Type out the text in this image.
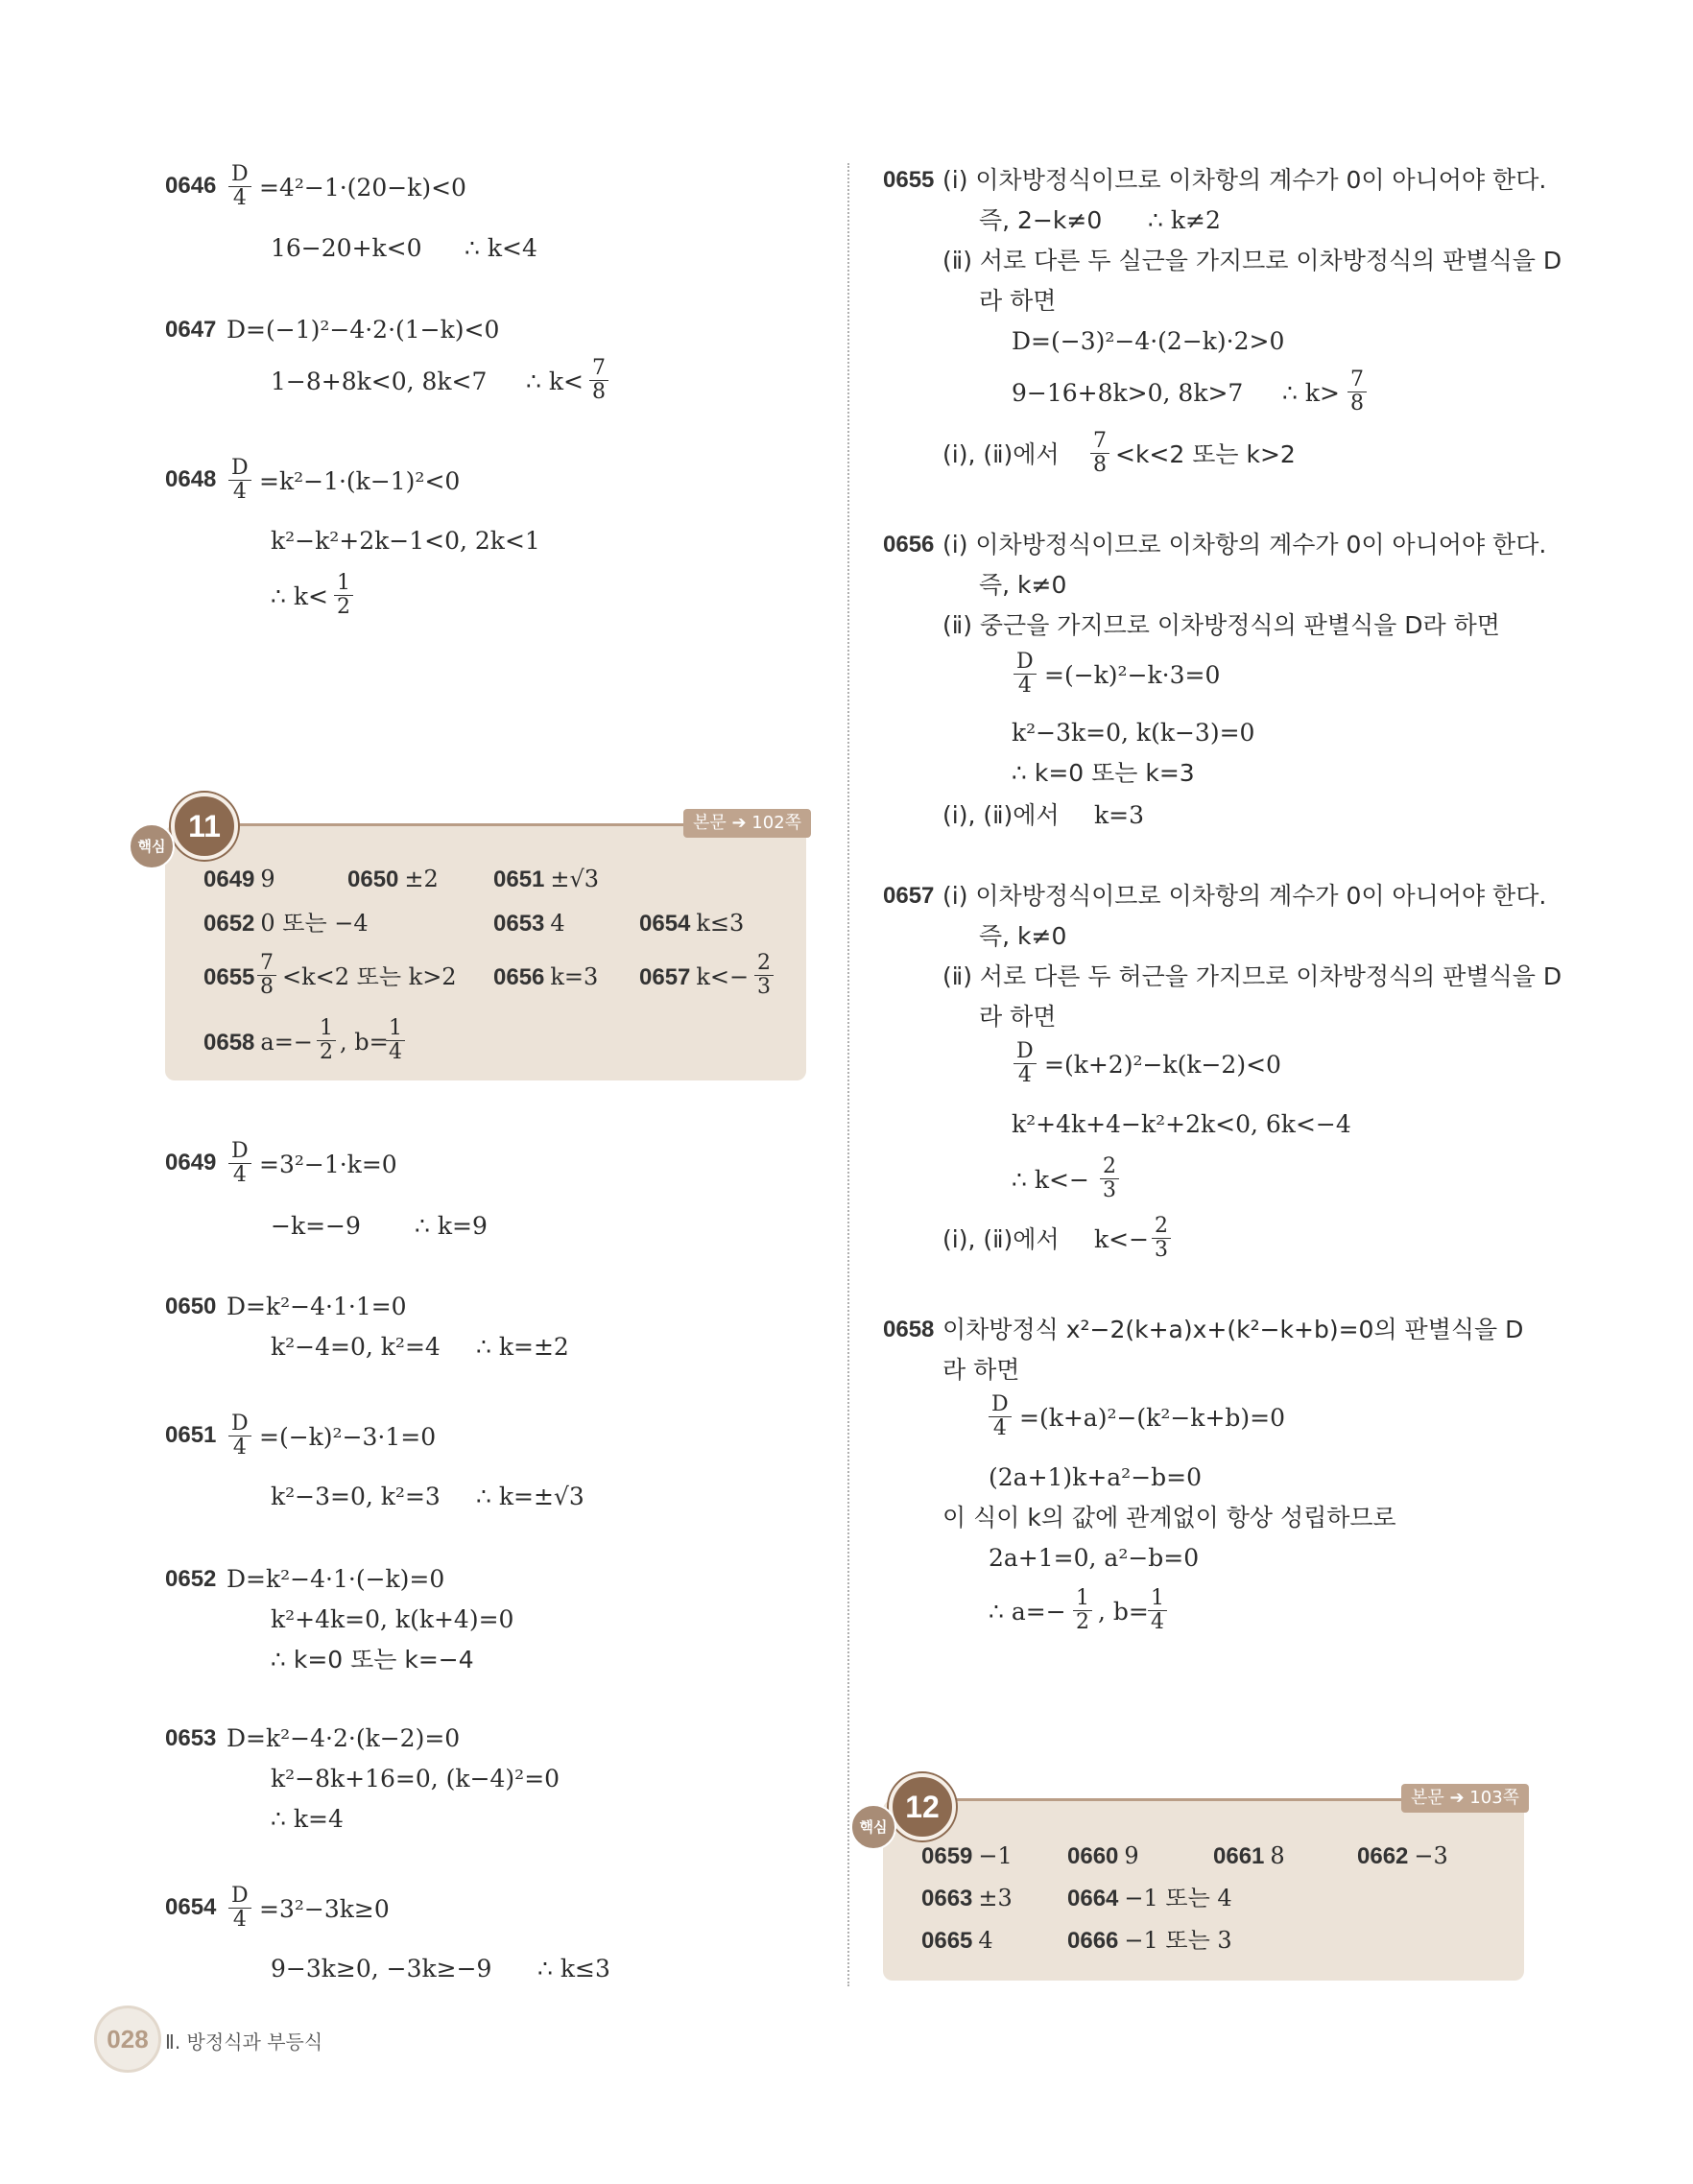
$0646 \frac{D}{4} =4^2-1\cdot(20-k)<0$
16−20+k<0 ∴ k<4
0647 D=(−1)²−4·2·(1−k)<0
1−8+8k<0, 8k<7 ∴ $k< \frac{7}{8}$
$0648 \frac{D}{4} =k^2-1\cdot(k-1)^2<0$
k²−k²+2k−1<0, 2k<1
∴ $k< \frac{1}{2}$
11
핵심
본문 ➔ 102쪽
0649 9	0650 ±2 0651 ±√3
0652 0 또는 −4	0653 4	0654 k≤3
$0655 \frac{7}{8} <k<2$ 또는 k>2 0656 k=3 0657 $k<- \frac{2}{3}$
0658 $a=- \frac{1}{2}$ , b=
$\frac{1}{4}$
$0649 \frac{D}{4} =3^2-1\cdot k=0$
−k=−9 ∴ k=9
0650 D=k²−4·1·1=0
k²−4=0, k²=4 ∴ k=±2
$0651 \frac{D}{4} =(-k)^2-3\cdot 1=0$
k²−3=0, k²=3 ∴ k=±√3
0652 D=k²−4·1·(−k)=0
k²+4k=0, k(k+4)=0
∴ k=0 또는 k=−4
0653 D=k²−4·2·(k−2)=0
k²−8k+16=0, (k−4)²=0
∴ k=4
$0654 \frac{D}{4} =3^2-3k\ge 0$
9−3k≥0, −3k≥−9 ∴ k≤3
0655 (ⅰ) 이차방정식이므로 이차항의 계수가 0이 아니어야 한다.
즉, 2−k≠0 ∴ k≠2
(ⅱ) 서로 다른 두 실근을 가지므로 이차방정식의 판별식을 D
라 하면
D=(−3)²−4·(2−k)·2>0
9−16+8k>0, 8k>7 ∴ $k> \frac{7}{8}$
(ⅰ), (ⅱ)에서 $\frac{7}{8} <k<2$ 또는 k>2
0656 (ⅰ) 이차방정식이므로 이차항의 계수가 0이 아니어야 한다.
즉, k≠0
(ⅱ) 중근을 가지므로 이차방정식의 판별식을 D라 하면
$\frac{D}{4} =(-k)^2-k\cdot 3=0$
k²−3k=0, k(k−3)=0
∴ k=0 또는 k=3
(ⅰ), (ⅱ)에서 k=3
0657 (ⅰ) 이차방정식이므로 이차항의 계수가 0이 아니어야 한다.
즉, k≠0
(ⅱ) 서로 다른 두 허근을 가지므로 이차방정식의 판별식을 D
라 하면
$\frac{D}{4} =(k+2)^2-k(k-2)<0$
k²+4k+4−k²+2k<0, 6k<−4
∴ $k<- \frac{2}{3}$
(ⅰ), (ⅱ)에서 $k<- \frac{2}{3}$
0658 이차방정식 x²−2(k+a)x+(k²−k+b)=0의 판별식을 D
라 하면
$\frac{D}{4} =(k+a)^2-(k^2-k+b)=0$
(2a+1)k+a²−b=0
이 식이 k의 값에 관계없이 항상 성립하므로
2a+1=0, a²−b=0
∴ $a=- \frac{1}{2}$ , $b= \frac{1}{4}$
12
핵심
본문 ➔ 103쪽
0659 −1 0660 9	0661 8	0662 −3
0663 ±3 0664 −1 또는 4
0665 4	0666 −1 또는 3
028 Ⅱ. 방정식과 부등식
